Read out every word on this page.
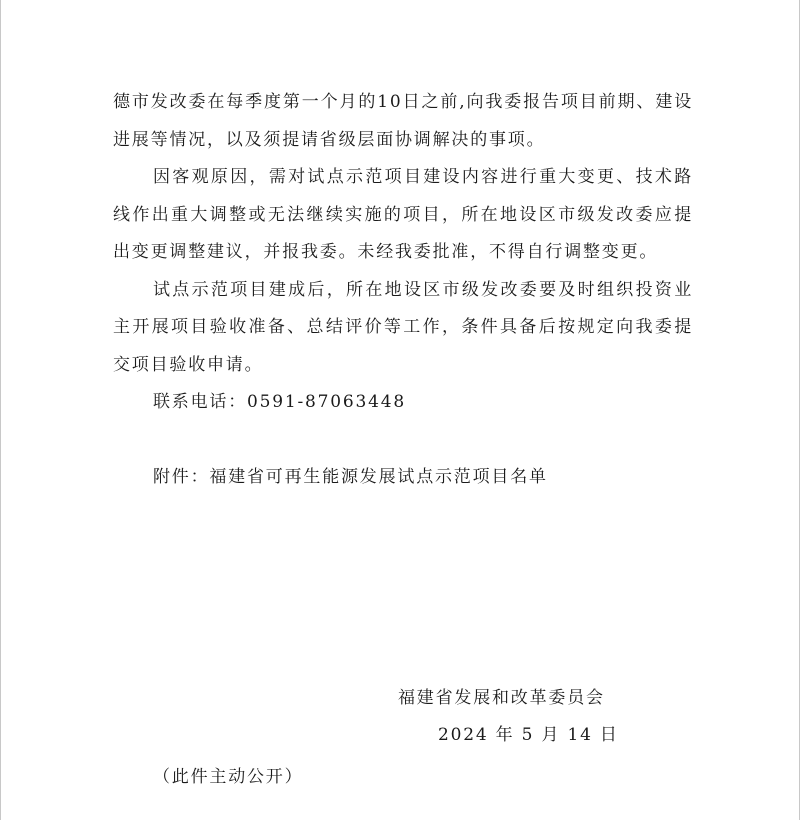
德市发改委在每季度第一个月的10日之前,向我委报告项目前期、建设进展等情况，以及须提请省级层面协调解决的事项。

因客观原因，需对试点示范项目建设内容进行重大变更、技术路线作出重大调整或无法继续实施的项目，所在地设区市级发改委应提出变更调整建议，并报我委。未经我委批准，不得自行调整变更。

试点示范项目建成后，所在地设区市级发改委要及时组织投资业主开展项目验收准备、总结评价等工作，条件具备后按规定向我委提交项目验收申请。

联系电话：0591-87063448

附件：福建省可再生能源发展试点示范项目名单

福建省发展和改革委员会
2024 年 5 月 14 日
（此件主动公开）
